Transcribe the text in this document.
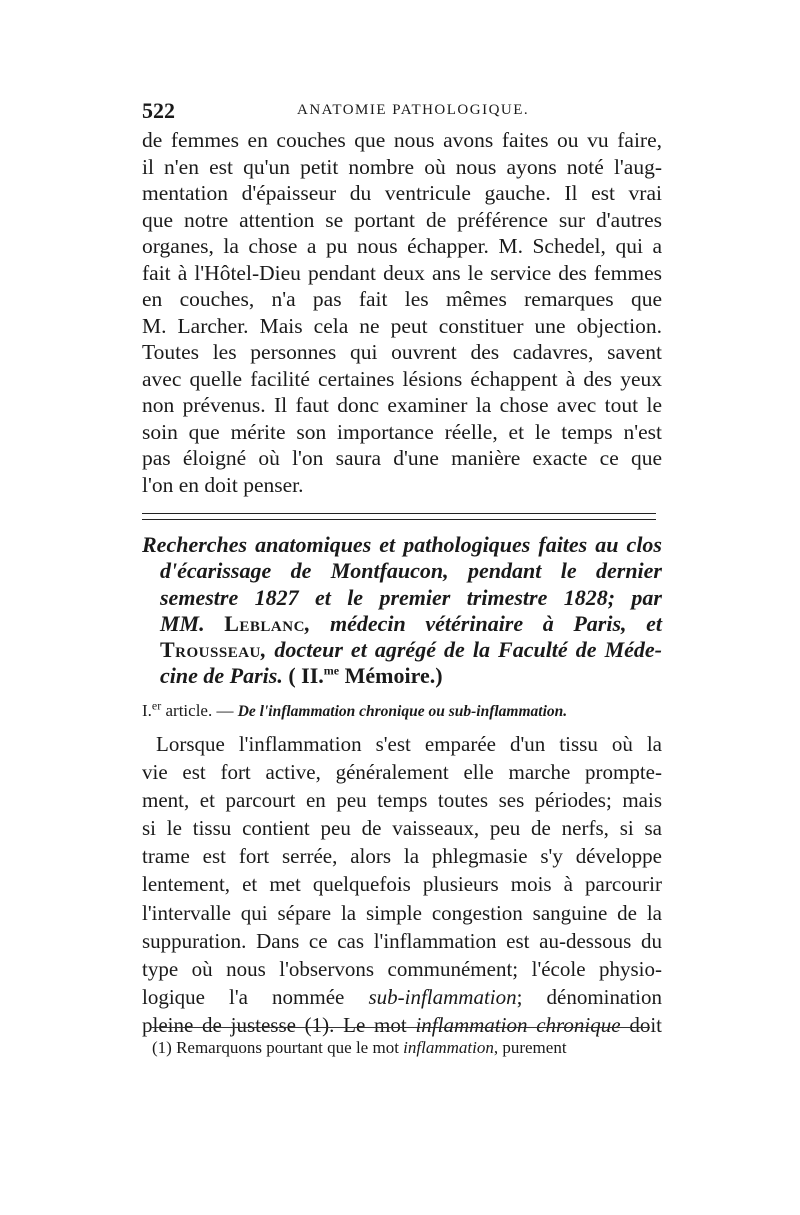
522	ANATOMIE PATHOLOGIQUE.
de femmes en couches que nous avons faites ou vu faire,
il n'en est qu'un petit nombre où nous ayons noté l'aug-
mentation d'épaisseur du ventricule gauche. Il est vrai
que notre attention se portant de préférence sur d'autres
organes, la chose a pu nous échapper. M. Schedel, qui a
fait à l'Hôtel-Dieu pendant deux ans le service des femmes
en couches, n'a pas fait les mêmes remarques que
M. Larcher. Mais cela ne peut constituer une objection.
Toutes les personnes qui ouvrent des cadavres, savent
avec quelle facilité certaines lésions échappent à des yeux
non prévenus. Il faut donc examiner la chose avec tout le
soin que mérite son importance réelle, et le temps n'est
pas éloigné où l'on saura d'une manière exacte ce que
l'on en doit penser.
Recherches anatomiques et pathologiques faites au clos
d'écarissage de Montfaucon, pendant le dernier
semestre 1827 et le premier trimestre 1828; par
MM. Leblanc, médecin vétérinaire à Paris, et
Trousseau, docteur et agrégé de la Faculté de Méde-
cine de Paris. ( II.$^{me}$ Mémoire.)
I.$^{er}$ article. — De l'inflammation chronique ou sub-inflammation.
Lorsque l'inflammation s'est emparée d'un tissu où la
vie est fort active, généralement elle marche prompte-
ment, et parcourt en peu temps toutes ses périodes; mais
si le tissu contient peu de vaisseaux, peu de nerfs, si sa
trame est fort serrée, alors la phlegmasie s'y développe
lentement, et met quelquefois plusieurs mois à parcourir
l'intervalle qui sépare la simple congestion sanguine de la
suppuration. Dans ce cas l'inflammation est au-dessous du
type où nous l'observons communément; l'école physio-
logique l'a nommée sub-inflammation; dénomination
pleine de justesse (1). Le mot inflammation chronique doit
(1) Remarquons pourtant que le mot inflammation, purement
